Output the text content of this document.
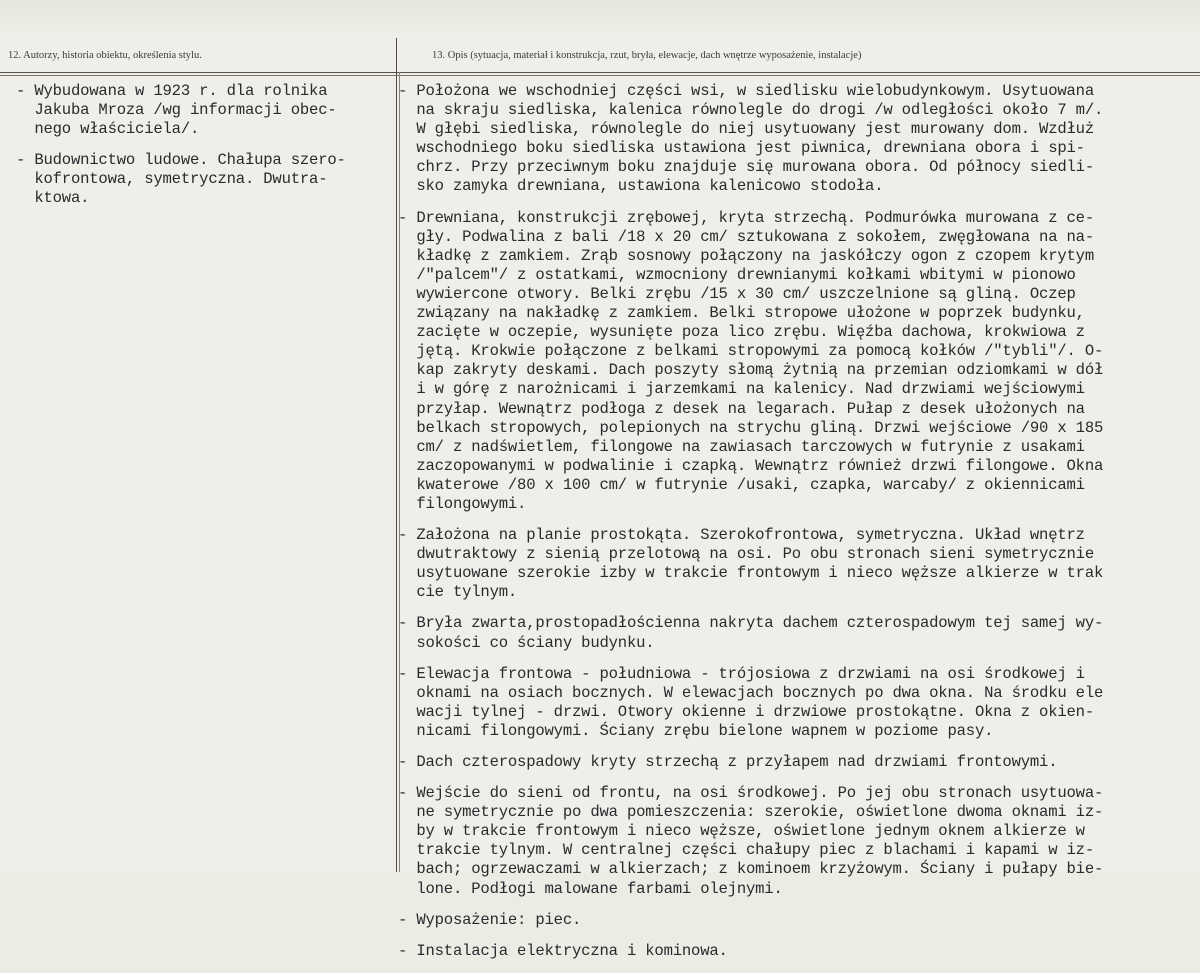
12. Autorzy, historia obiektu, określenia stylu.	13. Opis (sytuacja, materiał i konstrukcja, rzut, bryła, elewacje, dach wnętrze wyposażenie, instalacje)
- Wybudowana w 1923 r. dla rolnika
Jakuba Mroza /wg informacji obec-
nego właściciela/.
- Budownictwo ludowe. Chałupa szero-
kofrontowa, symetryczna. Dwutra-
ktowa.
- Położona we wschodniej części wsi, w siedlisku wielobudynkowym. Usytuowana
na skraju siedliska, kalenica równolegle do drogi /w odległości około 7 m/.
W głębi siedliska, równolegle do niej usytuowany jest murowany dom. Wzdłuż
wschodniego boku siedliska ustawiona jest piwnica, drewniana obora i spi-
chrz. Przy przeciwnym boku znajduje się murowana obora. Od północy siedli-
sko zamyka drewniana, ustawiona kalenicowo stodoła.
- Drewniana, konstrukcji zrębowej, kryta strzechą. Podmurówka murowana z ce-
gły. Podwalina z bali /18 x 20 cm/ sztukowana z sokołem, zwęgłowana na na-
kładkę z zamkiem. Zrąb sosnowy połączony na jaskółczy ogon z czopem krytym
/"palcem"/ z ostatkami, wzmocniony drewnianymi kołkami wbitymi w pionowo
wywiercone otwory. Belki zrębu /15 x 30 cm/ uszczelnione są gliną. Oczep
związany na nakładkę z zamkiem. Belki stropowe ułożone w poprzek budynku,
zacięte w oczepie, wysunięte poza lico zrębu. Więźba dachowa, krokwiowa z
jętą. Krokwie połączone z belkami stropowymi za pomocą kołków /"tybli"/. O-
kap zakryty deskami. Dach poszyty słomą żytnią na przemian odziomkami w dół
i w górę z narożnicami i jarzemkami na kalenicy. Nad drzwiami wejściowymi
przyłap. Wewnątrz podłoga z desek na legarach. Pułap z desek ułożonych na
belkach stropowych, polepionych na strychu gliną. Drzwi wejściowe /90 x 185
cm/ z nadświetlem, filongowe na zawiasach tarczowych w futrynie z usakami
zaczopowanymi w podwalinie i czapką. Wewnątrz również drzwi filongowe. Okna
kwaterowe /80 x 100 cm/ w futrynie /usaki, czapka, warcaby/ z okiennicami
filongowymi.
- Założona na planie prostokąta. Szerokofrontowa, symetryczna. Układ wnętrz
dwutraktowy z sienią przelotową na osi. Po obu stronach sieni symetrycznie
usytuowane szerokie izby w trakcie frontowym i nieco węższe alkierze w trak
cie tylnym.
- Bryła zwarta,prostopadłościenna nakryta dachem czterospadowym tej samej wy-
sokości co ściany budynku.
- Elewacja frontowa - południowa - trójosiowa z drzwiami na osi środkowej i
oknami na osiach bocznych. W elewacjach bocznych po dwa okna. Na środku ele
wacji tylnej - drzwi. Otwory okienne i drzwiowe prostokątne. Okna z okien-
nicami filongowymi. Ściany zrębu bielone wapnem w poziome pasy.
- Dach czterospadowy kryty strzechą z przyłapem nad drzwiami frontowymi.
- Wejście do sieni od frontu, na osi środkowej. Po jej obu stronach usytuowa-
ne symetrycznie po dwa pomieszczenia: szerokie, oświetlone dwoma oknami iz-
by w trakcie frontowym i nieco węższe, oświetlone jednym oknem alkierze w
trakcie tylnym. W centralnej części chałupy piec z blachami i kapami w iz-
bach; ogrzewaczami w alkierzach; z kominoem krzyżowym. Ściany i pułapy bie-
lone. Podłogi malowane farbami olejnymi.
- Wyposażenie: piec.
- Instalacja elektryczna i kominowa.
